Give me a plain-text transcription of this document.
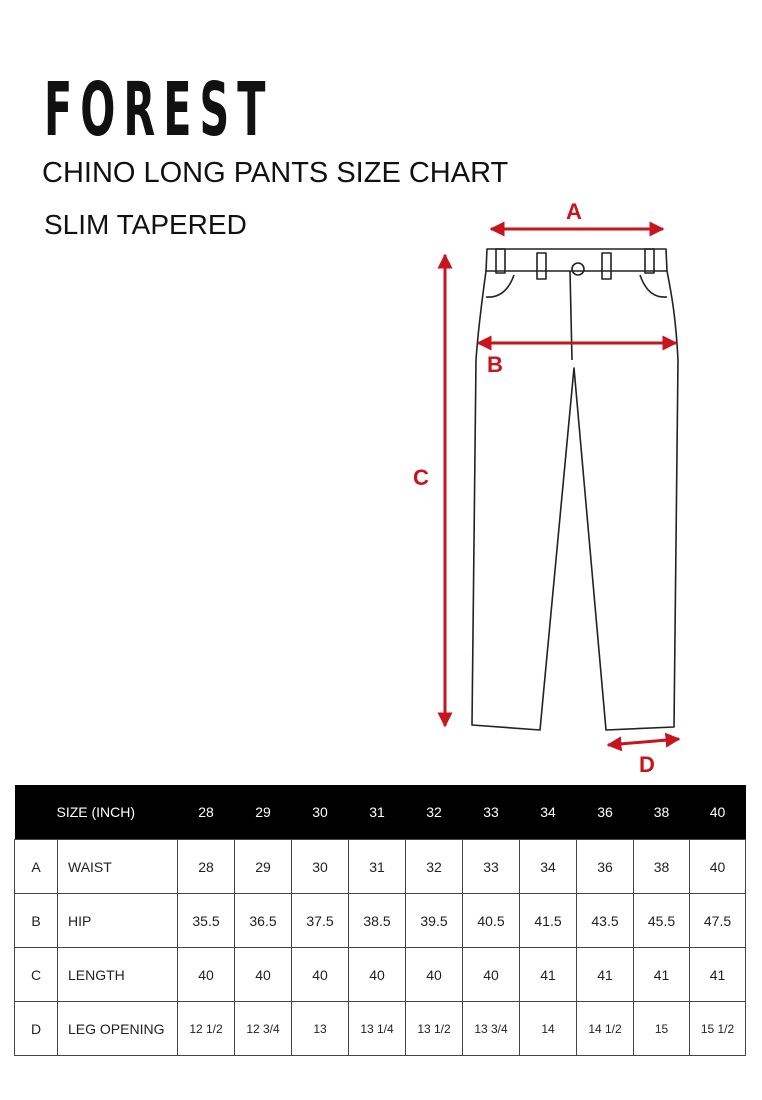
FOREST
CHINO LONG PANTS SIZE CHART
SLIM TAPERED	A
B
C
D
SIZE (INCH)		28	29	30	31	32	33	34	36	38	40
A	WAIST	28	29	30	31	32	33	34	36	38	40
B	HIP	35.5	36.5	37.5	38.5	39.5	40.5	41.5	43.5	45.5	47.5
C	LENGTH	40	40	40	40	40	40	41	41	41	41
D	LEG OPENING	12 1/2	12 3/4	13	13 1/4	13 1/2	13 3/4	14	14 1/2	15	15 1/2
